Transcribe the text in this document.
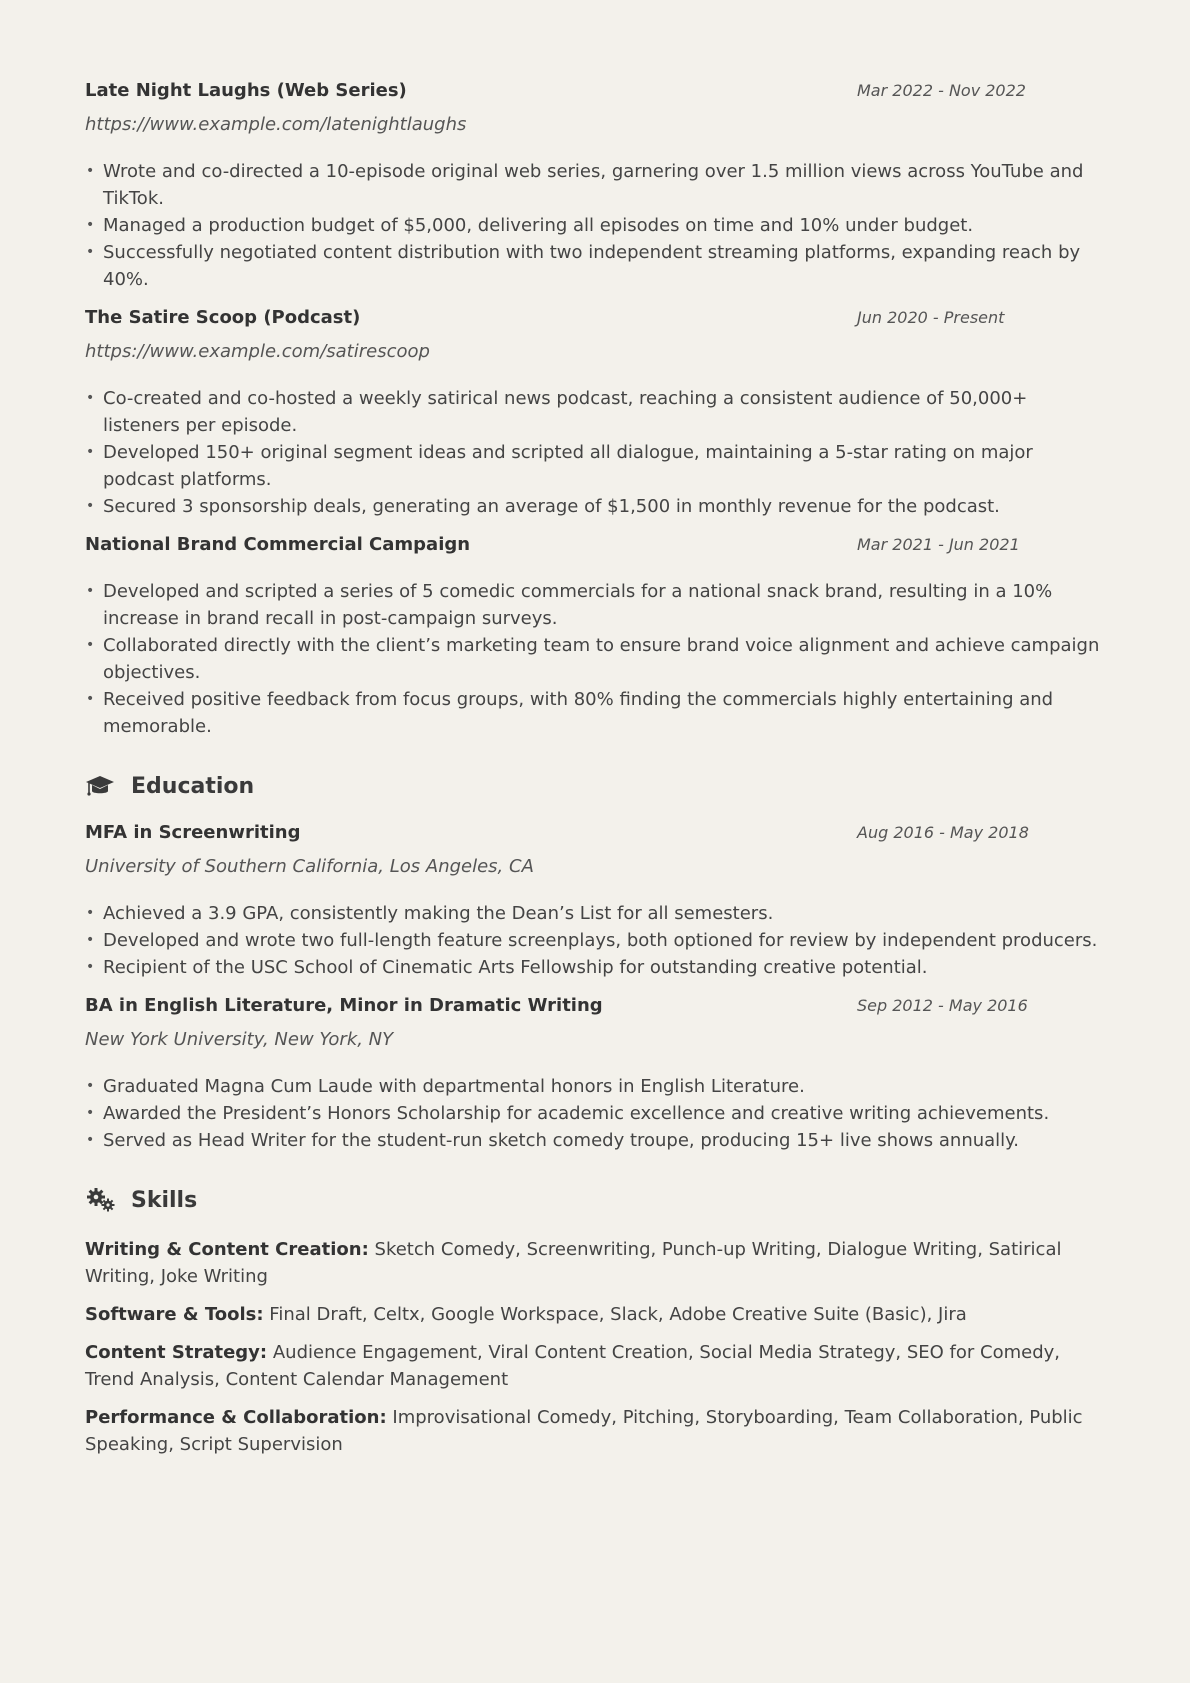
Late Night Laughs (Web Series)	Mar 2022 - Nov 2022
https://www.example.com/latenightlaughs
• Wrote and co-directed a 10-episode original web series, garnering over 1.5 million views across YouTube and TikTok.
• Managed a production budget of $5,000, delivering all episodes on time and 10% under budget.
• Successfully negotiated content distribution with two independent streaming platforms, expanding reach by 40%.
The Satire Scoop (Podcast)	Jun 2020 - Present
https://www.example.com/satirescoop
• Co-created and co-hosted a weekly satirical news podcast, reaching a consistent audience of 50,000+ listeners per episode.
• Developed 150+ original segment ideas and scripted all dialogue, maintaining a 5-star rating on major podcast platforms.
• Secured 3 sponsorship deals, generating an average of $1,500 in monthly revenue for the podcast.
National Brand Commercial Campaign	Mar 2021 - Jun 2021
• Developed and scripted a series of 5 comedic commercials for a national snack brand, resulting in a 10% increase in brand recall in post-campaign surveys.
• Collaborated directly with the client’s marketing team to ensure brand voice alignment and achieve campaign objectives.
• Received positive feedback from focus groups, with 80% finding the commercials highly entertaining and memorable.
Education
MFA in Screenwriting	Aug 2016 - May 2018
University of Southern California, Los Angeles, CA
• Achieved a 3.9 GPA, consistently making the Dean’s List for all semesters.
• Developed and wrote two full-length feature screenplays, both optioned for review by independent producers.
• Recipient of the USC School of Cinematic Arts Fellowship for outstanding creative potential.
BA in English Literature, Minor in Dramatic Writing	Sep 2012 - May 2016
New York University, New York, NY
• Graduated Magna Cum Laude with departmental honors in English Literature.
• Awarded the President’s Honors Scholarship for academic excellence and creative writing achievements.
• Served as Head Writer for the student-run sketch comedy troupe, producing 15+ live shows annually.
Skills
Writing & Content Creation: Sketch Comedy, Screenwriting, Punch-up Writing, Dialogue Writing, Satirical Writing, Joke Writing
Software & Tools: Final Draft, Celtx, Google Workspace, Slack, Adobe Creative Suite (Basic), Jira
Content Strategy: Audience Engagement, Viral Content Creation, Social Media Strategy, SEO for Comedy, Trend Analysis, Content Calendar Management
Performance & Collaboration: Improvisational Comedy, Pitching, Storyboarding, Team Collaboration, Public Speaking, Script Supervision
